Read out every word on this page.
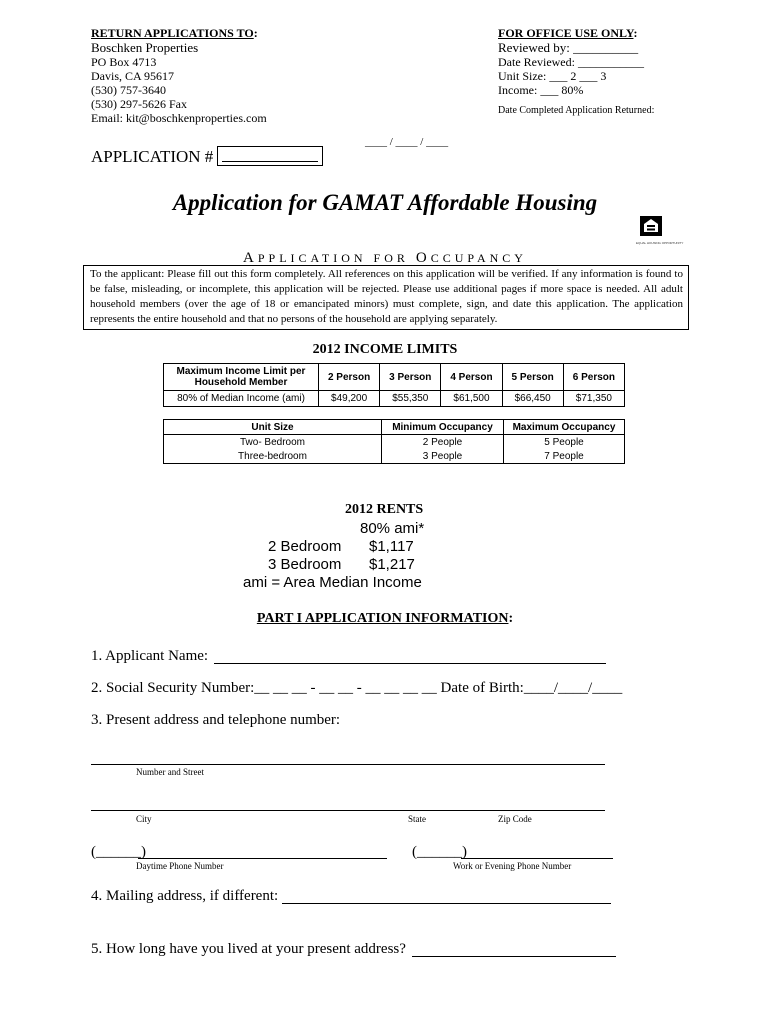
RETURN APPLICATIONS TO:
Boschken Properties
PO Box 4713
Davis, CA 95617
(530) 757-3640
(530) 297-5626 Fax
Email: kit@boschkenproperties.com
FOR OFFICE USE ONLY:
Reviewed by: __________
Date Reviewed: ___________
Unit Size: ___ 2 ___ 3
Income: ___ 80%
Date Completed Application Returned:
____ / ____ / ____
APPLICATION #
Application for GAMAT Affordable Housing
EQUAL HOUSING OPPORTUNITY
APPLICATION FOR OCCUPANCY
To the applicant: Please fill out this form completely. All references on this application will be verified. If any information is found to be false, misleading, or incomplete, this application will be rejected. Please use additional pages if more space is needed. All adult household members (over the age of 18 or emancipated minors) must complete, sign, and date this application. The application represents the entire household and that no persons of the household are applying separately.
2012 INCOME LIMITS
Maximum Income Limit per Household Member	2 Person	3 Person	4 Person	5 Person	6 Person
80% of Median Income (ami)	$49,200	$55,350	$61,500	$66,450	$71,350
Unit Size	Minimum Occupancy	Maximum Occupancy
Two- Bedroom	2 People	5 People
Three-bedroom	3 People	7 People
2012 RENTS
80% ami*
2 Bedroom $1,117
3 Bedroom $1,217
ami = Area Median Income
PART I APPLICATION INFORMATION:
1. Applicant Name:
2. Social Security Number:__ __ __ - __ __ - __ __ __ __ Date of Birth:____/____/____
3. Present address and telephone number:
Number and Street
City	State	Zip Code
(______)
Daytime Phone Number
(______)
Work or Evening Phone Number
4. Mailing address, if different:
5. How long have you lived at your present address?
